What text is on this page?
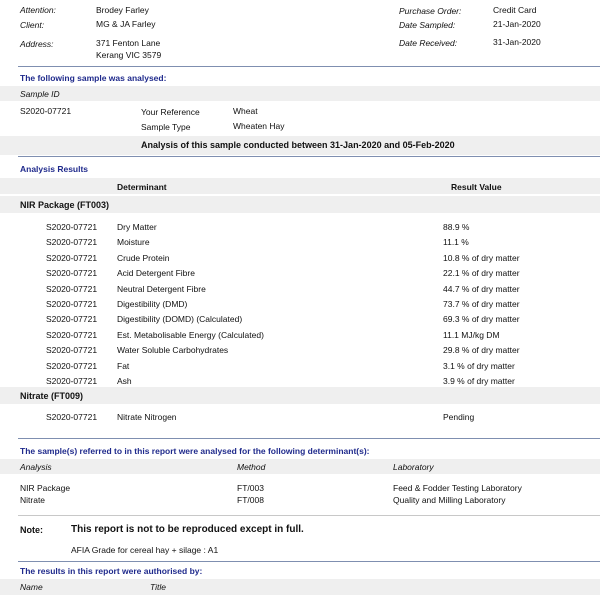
Attention:	Brodey Farley
Client:	MG & JA Farley
Address:	371 Fenton Lane
Kerang VIC 3579
Purchase Order:	Credit Card
Date Sampled:	21-Jan-2020
Date Received:	31-Jan-2020
The following sample was analysed:
Sample ID
S2020-07721	Your Reference	Wheat
Sample Type	Wheaten Hay
Analysis of this sample conducted between 31-Jan-2020 and 05-Feb-2020
Analysis Results
Determinant	Result Value
NIR Package (FT003)
S2020-07721 Dry Matter	88.9 %
S2020-07721 Moisture	11.1 %
S2020-07721 Crude Protein	10.8 % of dry matter
S2020-07721 Acid Detergent Fibre	22.1 % of dry matter
S2020-07721 Neutral Detergent Fibre	44.7 % of dry matter
S2020-07721 Digestibility (DMD)	73.7 % of dry matter
S2020-07721 Digestibility (DOMD) (Calculated)	69.3 % of dry matter
S2020-07721 Est. Metabolisable Energy (Calculated)	11.1 MJ/kg DM
S2020-07721 Water Soluble Carbohydrates	29.8 % of dry matter
S2020-07721 Fat	3.1 % of dry matter
S2020-07721 Ash	3.9 % of dry matter
Nitrate (FT009)
S2020-07721 Nitrate Nitrogen	Pending
The sample(s) referred to in this report were analysed for the following determinant(s):
Analysis	Method	Laboratory
NIR Package	FT/003	Feed & Fodder Testing Laboratory
Nitrate	FT/008	Quality and Milling Laboratory
Note:	This report is not to be reproduced except in full.
AFIA Grade for cereal hay + silage : A1
The results in this report were authorised by:
Name	Title
